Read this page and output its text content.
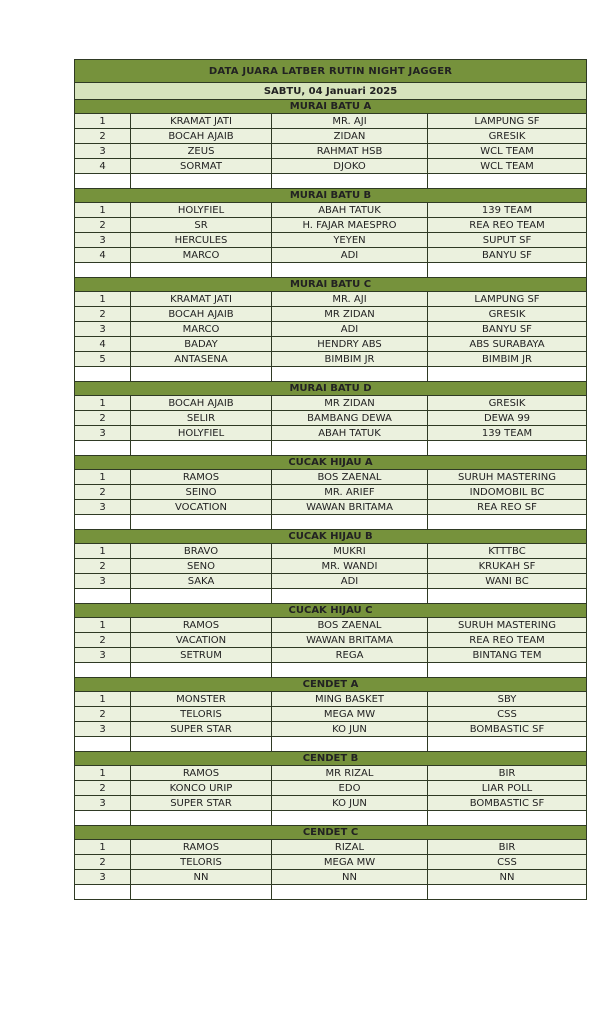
DATA JUARA LATBER RUTIN NIGHT JAGGER			
SABTU, 04 Januari 2025			
MURAI BATU A			
1	KRAMAT JATI	MR. AJI	LAMPUNG SF
2	BOCAH AJAIB	ZIDAN	GRESIK
3	ZEUS	RAHMAT HSB	WCL TEAM
4	SORMAT	DJOKO	WCL TEAM

MURAI BATU B			
1	HOLYFIEL	ABAH TATUK	139 TEAM
2	SR	H. FAJAR MAESPRO	REA REO TEAM
3	HERCULES	YEYEN	SUPUT SF
4	MARCO	ADI	BANYU SF

MURAI BATU C			
1	KRAMAT JATI	MR. AJI	LAMPUNG SF
2	BOCAH AJAIB	MR ZIDAN	GRESIK
3	MARCO	ADI	BANYU SF
4	BADAY	HENDRY ABS	ABS SURABAYA
5	ANTASENA	BIMBIM JR	BIMBIM JR

MURAI BATU D			
1	BOCAH AJAIB	MR ZIDAN	GRESIK
2	SELIR	BAMBANG DEWA	DEWA 99
3	HOLYFIEL	ABAH TATUK	139 TEAM

CUCAK HIJAU A			
1	RAMOS	BOS ZAENAL	SURUH MASTERING
2	SEINO	MR. ARIEF	INDOMOBIL BC
3	VOCATION	WAWAN BRITAMA	REA REO SF

CUCAK HIJAU B			
1	BRAVO	MUKRI	KTTTBC
2	SENO	MR. WANDI	KRUKAH SF
3	SAKA	ADI	WANI BC

CUCAK HIJAU C			
1	RAMOS	BOS ZAENAL	SURUH MASTERING
2	VACATION	WAWAN BRITAMA	REA REO TEAM
3	SETRUM	REGA	BINTANG TEM

CENDET A			
1	MONSTER	MING BASKET	SBY
2	TELORIS	MEGA MW	CSS
3	SUPER STAR	KO JUN	BOMBASTIC SF

CENDET B			
1	RAMOS	MR RIZAL	BIR
2	KONCO URIP	EDO	LIAR POLL
3	SUPER STAR	KO JUN	BOMBASTIC SF

CENDET C			
1	RAMOS	RIZAL	BIR
2	TELORIS	MEGA MW	CSS
3	NN	NN	NN
